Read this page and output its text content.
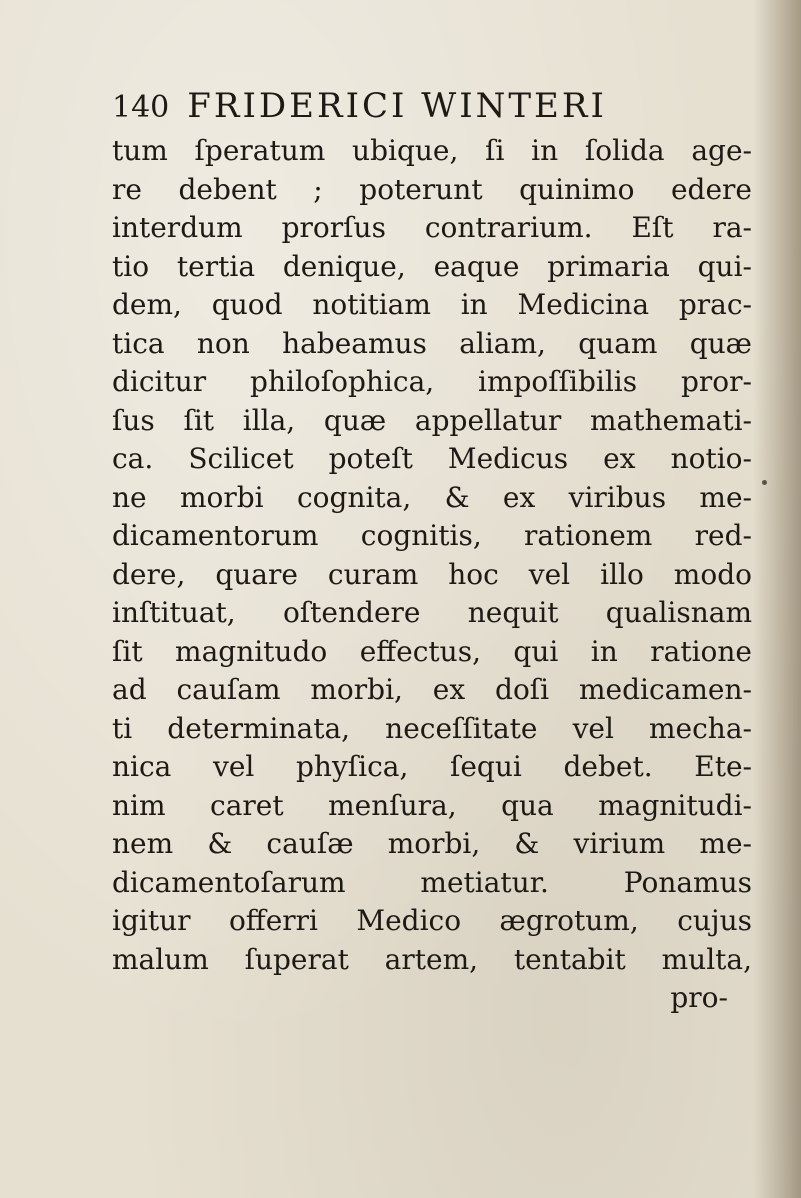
140 FRIDERICI WINTERI
tum ſperatum ubique, ſi in ſolida age-
re debent ; poterunt quinimo edere
interdum prorſus contrarium. Eſt ra-
tio tertia denique, eaque primaria qui-
dem, quod notitiam in Medicina prac-
tica non habeamus aliam, quam quæ
dicitur philoſophica, impoſſibilis pror-
ſus ſit illa, quæ appellatur mathemati-
ca. Scilicet poteſt Medicus ex notio-
ne morbi cognita, & ex viribus me-
dicamentorum cognitis, rationem red-
dere, quare curam hoc vel illo modo
inſtituat, oſtendere nequit qualisnam
ſit magnitudo effectus, qui in ratione
ad cauſam morbi, ex doſi medicamen-
ti determinata, neceſſitate vel mecha-
nica vel phyſica, ſequi debet. Ete-
nim caret menſura, qua magnitudi-
nem & cauſæ morbi, & virium me-
dicamentoſarum metiatur. Ponamus
igitur offerri Medico ægrotum, cujus
malum ſuperat artem, tentabit multa,
pro-
